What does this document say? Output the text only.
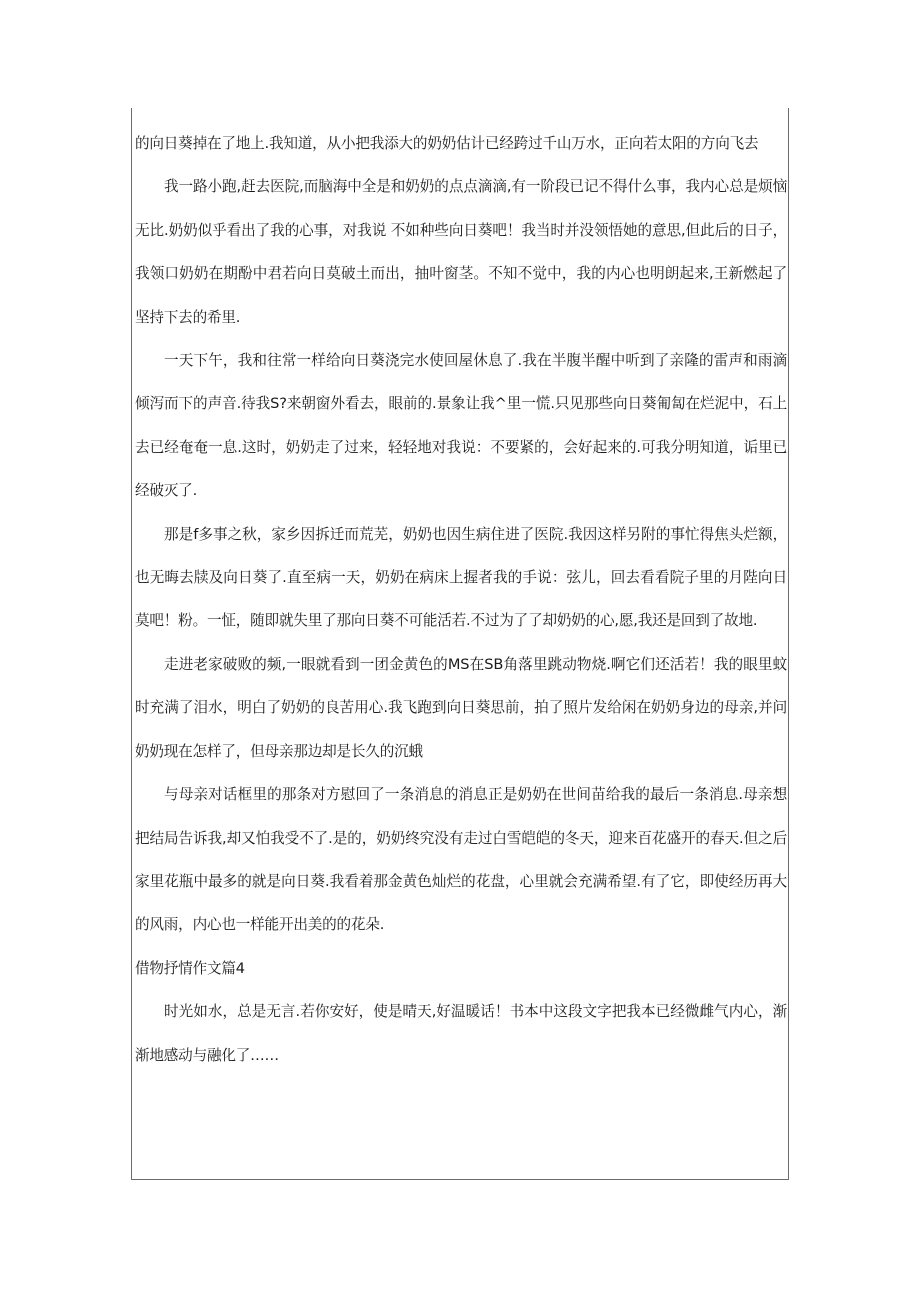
的向日葵掉在了地上.我知道，从小把我添大的奶奶估计已经跨过千山万水，正向若太阳的方向飞去

我一路小跑,赶去医院,而脑海中全是和奶奶的点点滴滴,有一阶段已记不得什么事，我内心总是烦恼无比.奶奶似乎看出了我的心事，对我说 不如种些向日葵吧！我当时并没领悟她的意思,但此后的日子，我领口奶奶在期酚中君若向日莫破土而出，抽叶窗茎。不知不觉中，我的内心也明朗起来,王新燃起了坚持下去的希里.

一天下午，我和往常一样给向日葵浇完水使回屋休息了.我在半腹半醒中听到了亲隆的雷声和雨滴倾泻而下的声音.待我S?来朝窗外看去，眼前的.景象让我^里一慌.只见那些向日葵匍匐在烂泥中，石上去已经奄奄一息.这时，奶奶走了过来，轻轻地对我说：不要紧的，会好起来的.可我分明知道，诟里已经破灭了.

那是f多事之秋，家乡因拆迁而荒芜，奶奶也因生病住进了医院.我因这样另附的事忙得焦头烂额，也无晦去牍及向日葵了.直至病一天，奶奶在病床上握者我的手说：弦儿，回去看看院子里的月陛向日莫吧！粉。一怔，随即就失里了那向日葵不可能活若.不过为了了却奶奶的心,愿,我还是回到了故地.

走进老家破败的频,一眼就看到一团金黄色的MS在SB角落里跳动物烧.啊它们还活若！我的眼里蚊时充满了泪水，明白了奶奶的良苦用心.我飞跑到向日葵思前，拍了照片发给闲在奶奶身边的母亲,并问奶奶现在怎样了，但母亲那边却是长久的沉蛾

与母亲对话框里的那条对方慰回了一条消息的消息正是奶奶在世间苗给我的最后一条消息.母亲想把结局告诉我,却又怕我受不了.是的，奶奶终究没有走过白雪皑皑的冬天，迎来百花盛开的春天.但之后家里花瓶中最多的就是向日葵.我看着那金黄色灿烂的花盘，心里就会充满希望.有了它，即使经历再大的风雨，内心也一样能开出美的的花朵.

借物抒情作文篇4

时光如水，总是无言.若你安好，使是晴天,好温暖话！书本中这段文字把我本已经微雌气内心，渐渐地感动与融化了……
